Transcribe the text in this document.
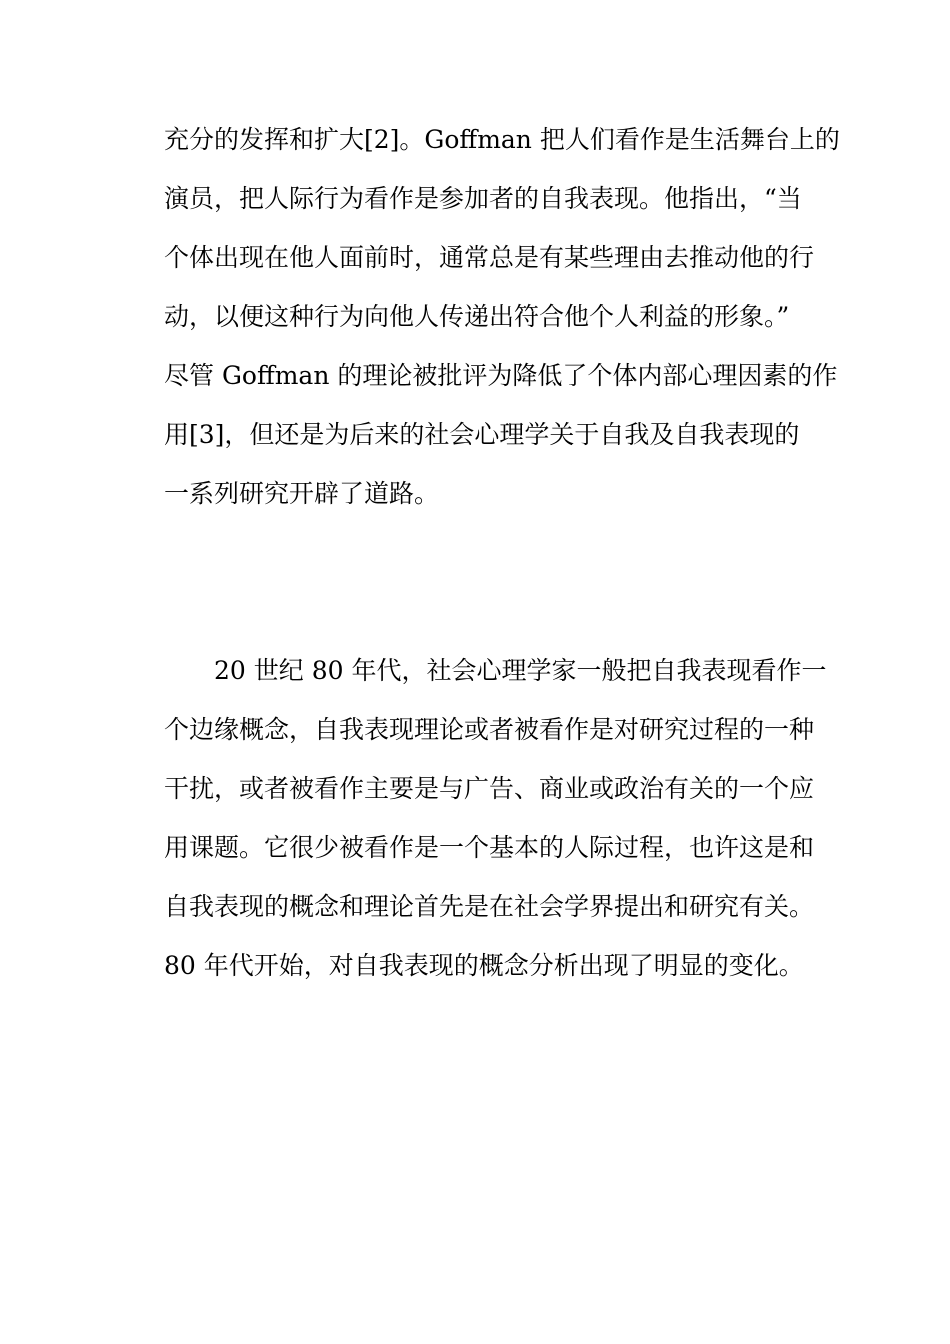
充分的发挥和扩大[2]。Goffman 把人们看作是生活舞台上的
演员，把人际行为看作是参加者的自我表现。他指出，“当
个体出现在他人面前时，通常总是有某些理由去推动他的行
动，以便这种行为向他人传递出符合他个人利益的形象。”
尽管 Goffman 的理论被批评为降低了个体内部心理因素的作
用[3]，但还是为后来的社会心理学关于自我及自我表现的
一系列研究开辟了道路。
　　20 世纪 80 年代，社会心理学家一般把自我表现看作一
个边缘概念，自我表现理论或者被看作是对研究过程的一种
干扰，或者被看作主要是与广告、商业或政治有关的一个应
用课题。它很少被看作是一个基本的人际过程，也许这是和
自我表现的概念和理论首先是在社会学界提出和研究有关。
80 年代开始，对自我表现的概念分析出现了明显的变化。
